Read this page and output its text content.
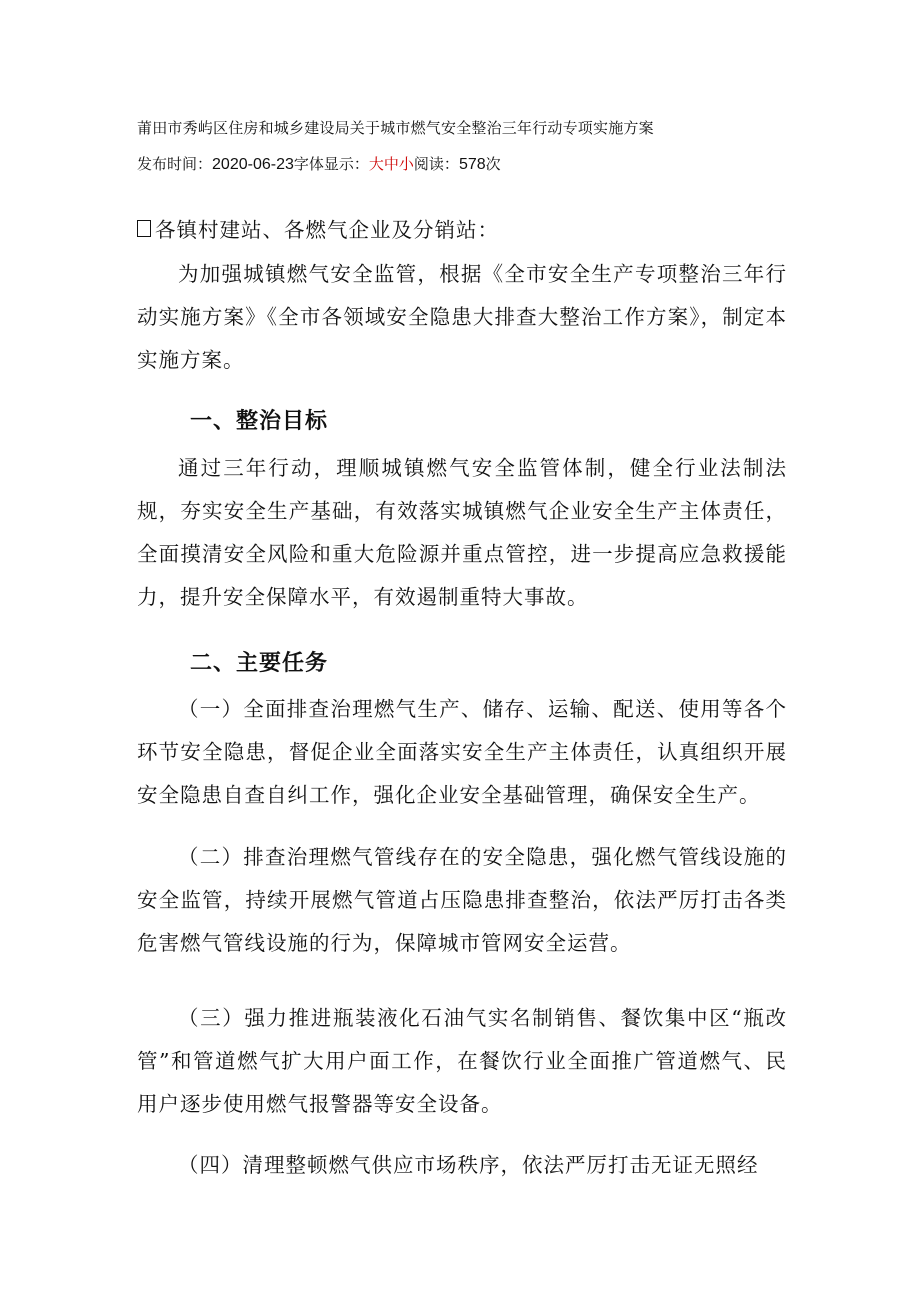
莆田市秀屿区住房和城乡建设局关于城市燃气安全整治三年行动专项实施方案
发布时间：2020-06-23字体显示：大中小阅读：578次
各镇村建站、各燃气企业及分销站：

为加强城镇燃气安全监管，根据《全市安全生产专项整治三年行动实施方案》《全市各领域安全隐患大排查大整治工作方案》，制定本实施方案。

一、整治目标

通过三年行动，理顺城镇燃气安全监管体制，健全行业法制法规，夯实安全生产基础，有效落实城镇燃气企业安全生产主体责任，全面摸清安全风险和重大危险源并重点管控，进一步提高应急救援能力，提升安全保障水平，有效遏制重特大事故。

二、主要任务

（一）全面排查治理燃气生产、储存、运输、配送、使用等各个环节安全隐患，督促企业全面落实安全生产主体责任，认真组织开展安全隐患自查自纠工作，强化企业安全基础管理，确保安全生产。

（二）排查治理燃气管线存在的安全隐患，强化燃气管线设施的安全监管，持续开展燃气管道占压隐患排查整治，依法严厉打击各类危害燃气管线设施的行为，保障城市管网安全运营。

（三）强力推进瓶装液化石油气实名制销售、餐饮集中区“瓶改管”和管道燃气扩大用户面工作，在餐饮行业全面推广管道燃气、民用户逐步使用燃气报警器等安全设备。

（四）清理整顿燃气供应市场秩序，依法严厉打击无证无照经
